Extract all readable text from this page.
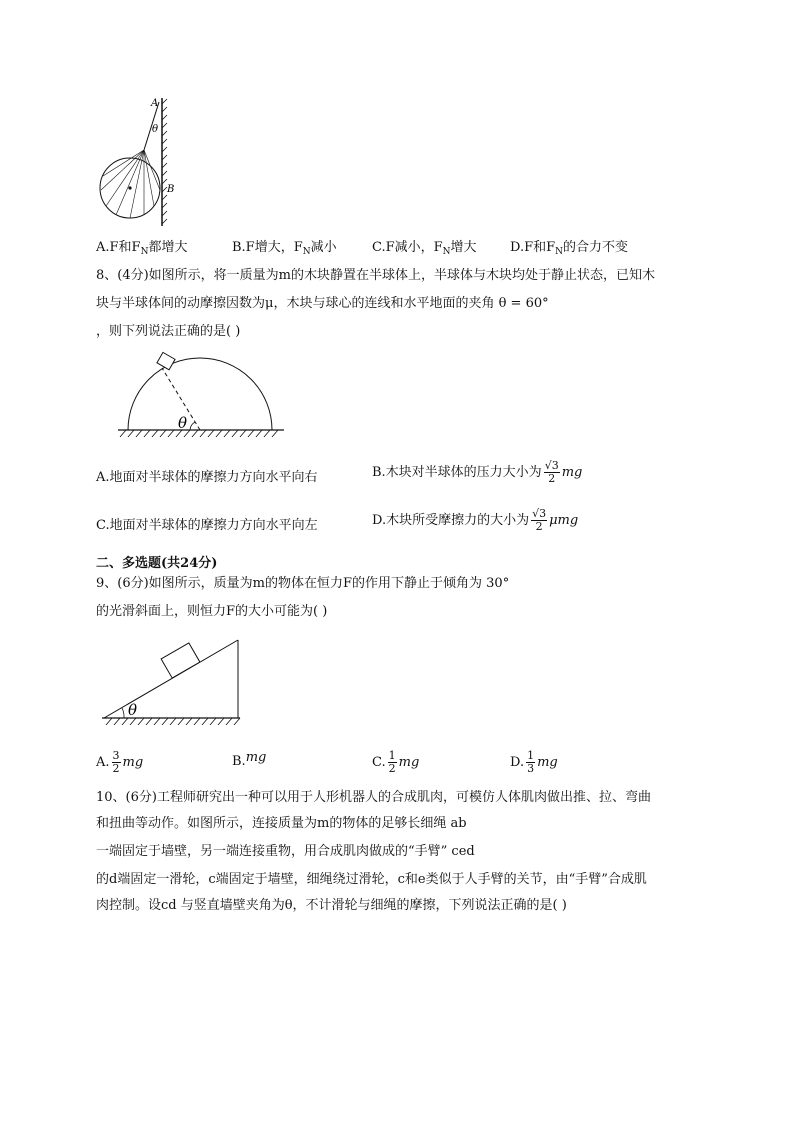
A
θ
B
A.F和$F_N$都增大	B.F增大，$F_N$减小	C.F减小，$F_N$增大	D.F和$F_N$的合力不变
8、(4分)如图所示，将一质量为m的木块静置在半球体上，半球体与木块均处于静止状态，已知木
块与半球体间的动摩擦因数为μ，木块与球心的连线和水平地面的夹角 θ = 60°
，则下列说法正确的是( )
θ
A.地面对半球体的摩擦力方向水平向右	B.木块对半球体的压力大小为 $\frac{√3}{2}$ mg
C.地面对半球体的摩擦力方向水平向左	D.木块所受摩擦力的大小为 $\frac{√3}{2}$ μmg
二、多选题(共24分)
9、(6分)如图所示，质量为m的物体在恒力F的作用下静止于倾角为 30°
的光滑斜面上，则恒力F的大小可能为( )
θ
A. $\frac{3}{2}$ mg	B.mg	C. $\frac{1}{2}$ mg	D. $\frac{1}{3}$ mg
10、(6分)工程师研究出一种可以用于人形机器人的合成肌肉，可模仿人体肌肉做出推、拉、弯曲
和扭曲等动作。如图所示，连接质量为m的物体的足够长细绳 ab
一端固定于墙壁，另一端连接重物，用合成肌肉做成的“手臂” ced
的d端固定一滑轮，c端固定于墙壁，细绳绕过滑轮，c和e类似于人手臂的关节，由“手臂”合成肌
肉控制。设cd 与竖直墙壁夹角为θ，不计滑轮与细绳的摩擦，下列说法正确的是( )
